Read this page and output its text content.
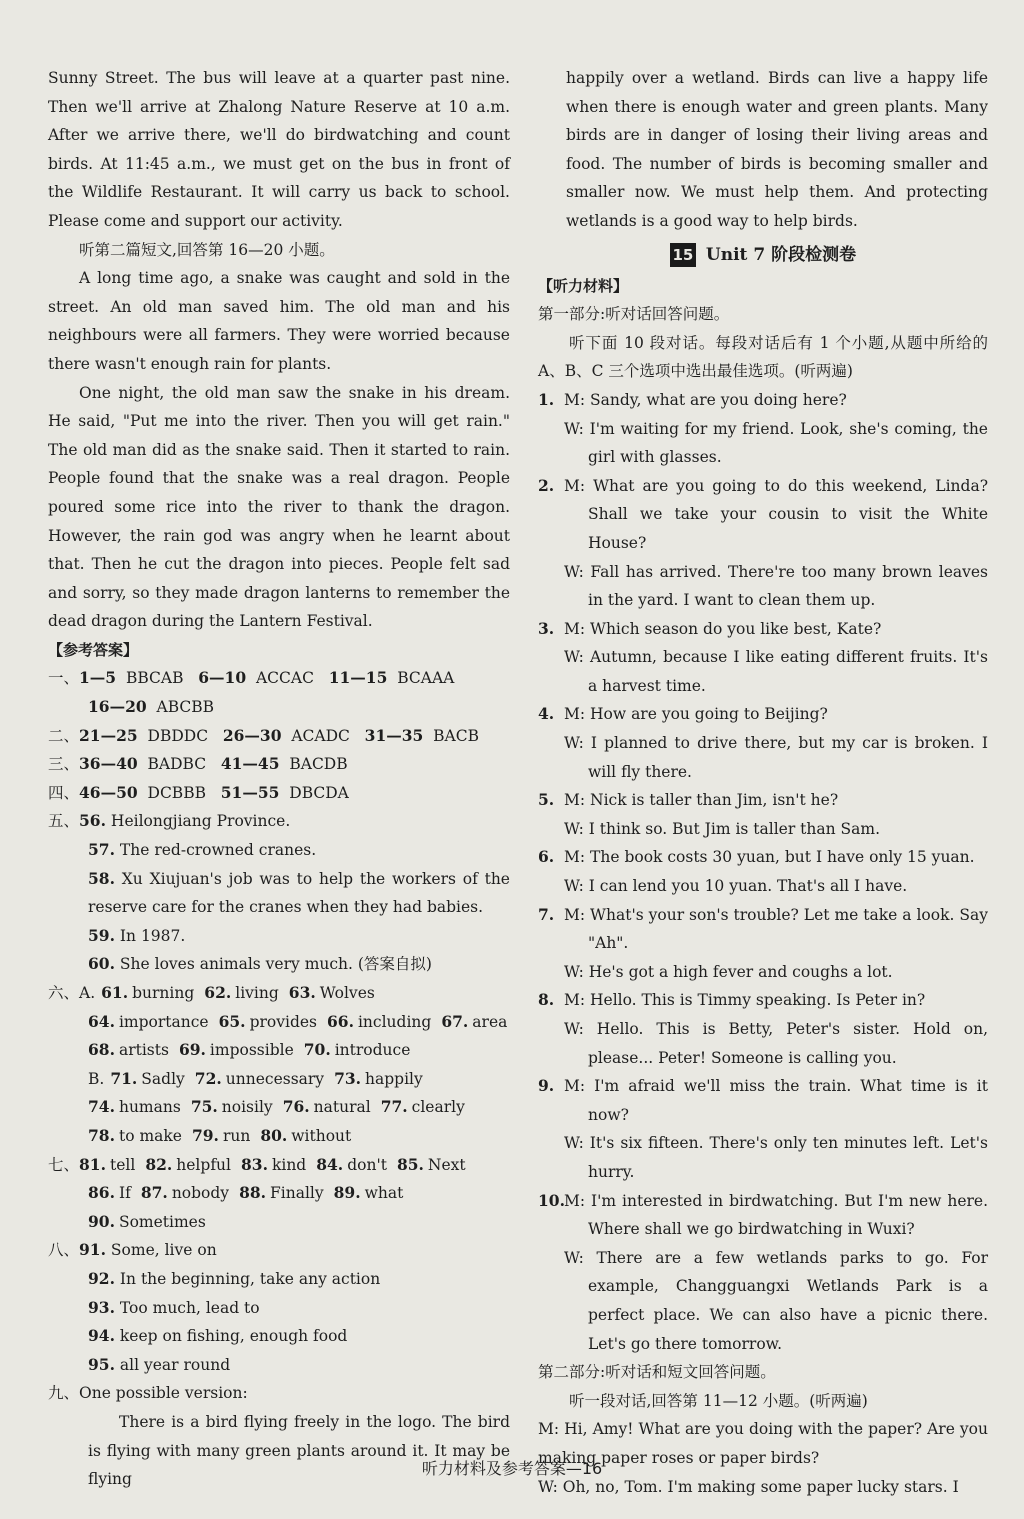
Sunny Street. The bus will leave at a quarter past nine. Then we'll arrive at Zhalong Nature Reserve at 10 a.m. After we arrive there, we'll do birdwatching and count birds. At 11:45 a.m., we must get on the bus in front of the Wildlife Restaurant. It will carry us back to school. Please come and support our activity.

听第二篇短文,回答第 16—20 小题。

A long time ago, a snake was caught and sold in the street. An old man saved him. The old man and his neighbours were all farmers. They were worried because there wasn't enough rain for plants.

One night, the old man saw the snake in his dream. He said, "Put me into the river. Then you will get rain." The old man did as the snake said. Then it started to rain. People found that the snake was a real dragon. People poured some rice into the river to thank the dragon. However, the rain god was angry when he learnt about that. Then he cut the dragon into pieces. People felt sad and sorry, so they made dragon lanterns to remember the dead dragon during the Lantern Festival.

【参考答案】

一、1—5 BBCAB 6—10 ACCAC 11—15 BCAAA
16—20 ABCBB
二、21—25 DBDDC 26—30 ACADC 31—35 BACB
三、36—40 BADBC 41—45 BACDB
四、46—50 DCBBB 51—55 DBCDA
五、56. Heilongjiang Province.
57. The red-crowned cranes.
58. Xu Xiujuan's job was to help the workers of the reserve care for the cranes when they had babies.
59. In 1987.
60. She loves animals very much. (答案自拟)
六、A. 61. burning 62. living 63. Wolves
64. importance 65. provides 66. including 67. area
68. artists 69. impossible 70. introduce
B. 71. Sadly 72. unnecessary 73. happily
74. humans 75. noisily 76. natural 77. clearly
78. to make 79. run 80. without
七、81. tell 82. helpful 83. kind 84. don't 85. Next
86. If 87. nobody 88. Finally 89. what
90. Sometimes
八、91. Some, live on
92. In the beginning, take any action
93. Too much, lead to
94. keep on fishing, enough food
95. all year round
九、One possible version:

There is a bird flying freely in the logo. The bird is flying with many green plants around it. It may be flying

happily over a wetland. Birds can live a happy life when there is enough water and green plants. Many birds are in danger of losing their living areas and food. The number of birds is becoming smaller and smaller now. We must help them. And protecting wetlands is a good way to help birds.

15 Unit 7 阶段检测卷

【听力材料】

第一部分:听对话回答问题。

听下面 10 段对话。每段对话后有 1 个小题,从题中所给的 A、B、C 三个选项中选出最佳选项。(听两遍)

1. M: Sandy, what are you doing here?
W: I'm waiting for my friend. Look, she's coming, the girl with glasses.
2. M: What are you going to do this weekend, Linda? Shall we take your cousin to visit the White House?
W: Fall has arrived. There're too many brown leaves in the yard. I want to clean them up.
3. M: Which season do you like best, Kate?
W: Autumn, because I like eating different fruits. It's a harvest time.
4. M: How are you going to Beijing?
W: I planned to drive there, but my car is broken. I will fly there.
5. M: Nick is taller than Jim, isn't he?
W: I think so. But Jim is taller than Sam.
6. M: The book costs 30 yuan, but I have only 15 yuan.
W: I can lend you 10 yuan. That's all I have.
7. M: What's your son's trouble? Let me take a look. Say "Ah".
W: He's got a high fever and coughs a lot.
8. M: Hello. This is Timmy speaking. Is Peter in?
W: Hello. This is Betty, Peter's sister. Hold on, please... Peter! Someone is calling you.
9. M: I'm afraid we'll miss the train. What time is it now?
W: It's six fifteen. There's only ten minutes left. Let's hurry.
10. M: I'm interested in birdwatching. But I'm new here. Where shall we go birdwatching in Wuxi?
W: There are a few wetlands parks to go. For example, Changguangxi Wetlands Park is a perfect place. We can also have a picnic there. Let's go there tomorrow.

第二部分:听对话和短文回答问题。

听一段对话,回答第 11—12 小题。(听两遍)

M: Hi, Amy! What are you doing with the paper? Are you making paper roses or paper birds?

W: Oh, no, Tom. I'm making some paper lucky stars. I

听力材料及参考答案—16
